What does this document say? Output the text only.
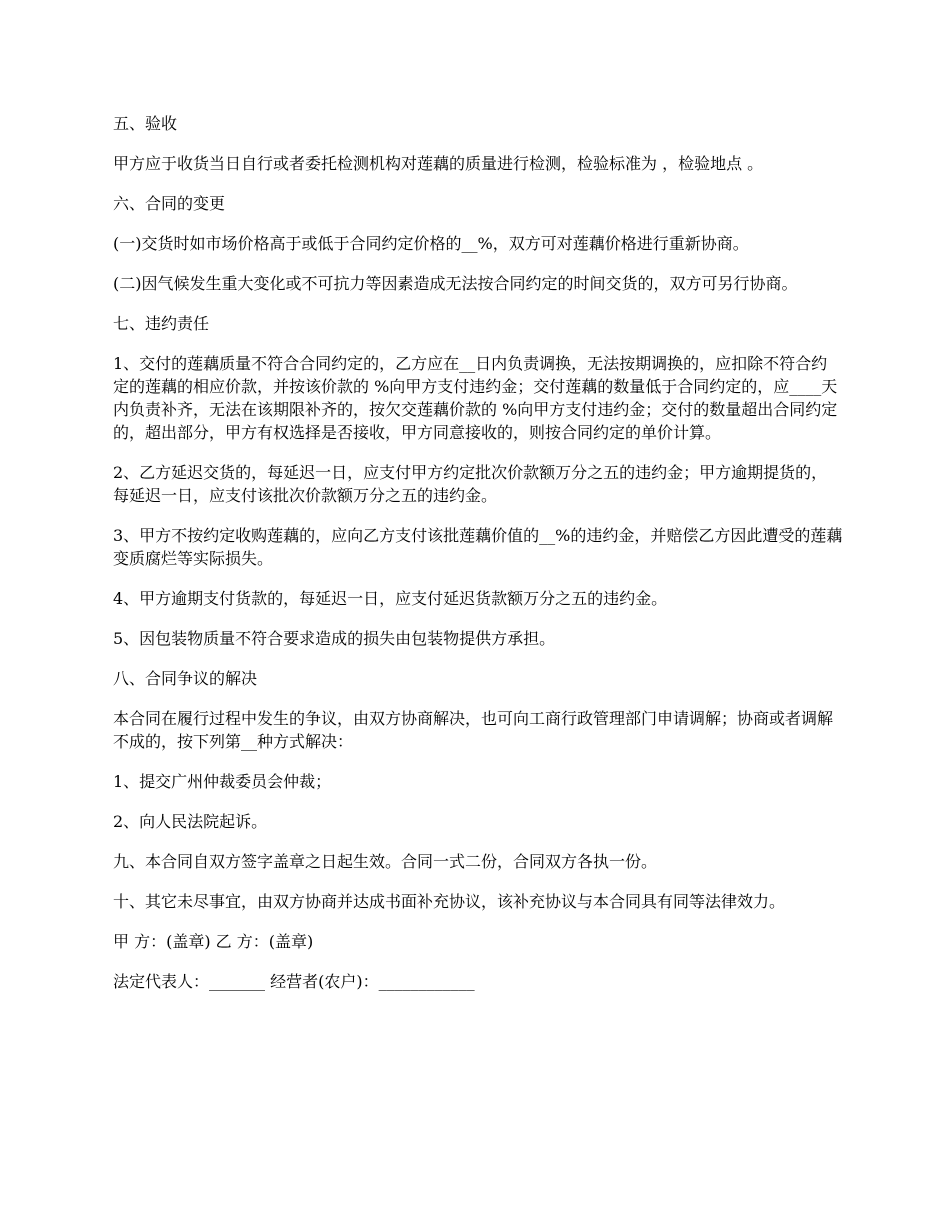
五、验收

甲方应于收货当日自行或者委托检测机构对莲藕的质量进行检测，检验标准为 ，检验地点 。

六、合同的变更

(一)交货时如市场价格高于或低于合同约定价格的__%，双方可对莲藕价格进行重新协商。

(二)因气候发生重大变化或不可抗力等因素造成无法按合同约定的时间交货的，双方可另行协商。

七、违约责任

1、交付的莲藕质量不符合合同约定的，乙方应在__日内负责调换，无法按期调换的，应扣除不符合约定的莲藕的相应价款，并按该价款的 %向甲方支付违约金；交付莲藕的数量低于合同约定的，应____天内负责补齐，无法在该期限补齐的，按欠交莲藕价款的 %向甲方支付违约金；交付的数量超出合同约定的，超出部分，甲方有权选择是否接收，甲方同意接收的，则按合同约定的单价计算。

2、乙方延迟交货的，每延迟一日，应支付甲方约定批次价款额万分之五的违约金；甲方逾期提货的，每延迟一日，应支付该批次价款额万分之五的违约金。

3、甲方不按约定收购莲藕的，应向乙方支付该批莲藕价值的__%的违约金，并赔偿乙方因此遭受的莲藕变质腐烂等实际损失。

4、甲方逾期支付货款的，每延迟一日，应支付延迟货款额万分之五的违约金。

5、因包装物质量不符合要求造成的损失由包装物提供方承担。

八、合同争议的解决

本合同在履行过程中发生的争议，由双方协商解决，也可向工商行政管理部门申请调解；协商或者调解不成的，按下列第__种方式解决：

1、提交广州仲裁委员会仲裁；

2、向人民法院起诉。

九、本合同自双方签字盖章之日起生效。合同一式二份，合同双方各执一份。

十、其它未尽事宜，由双方协商并达成书面补充协议，该补充协议与本合同具有同等法律效力。

甲 方：(盖章) 乙 方：(盖章)

法定代表人：_______ 经营者(农户)：____________
